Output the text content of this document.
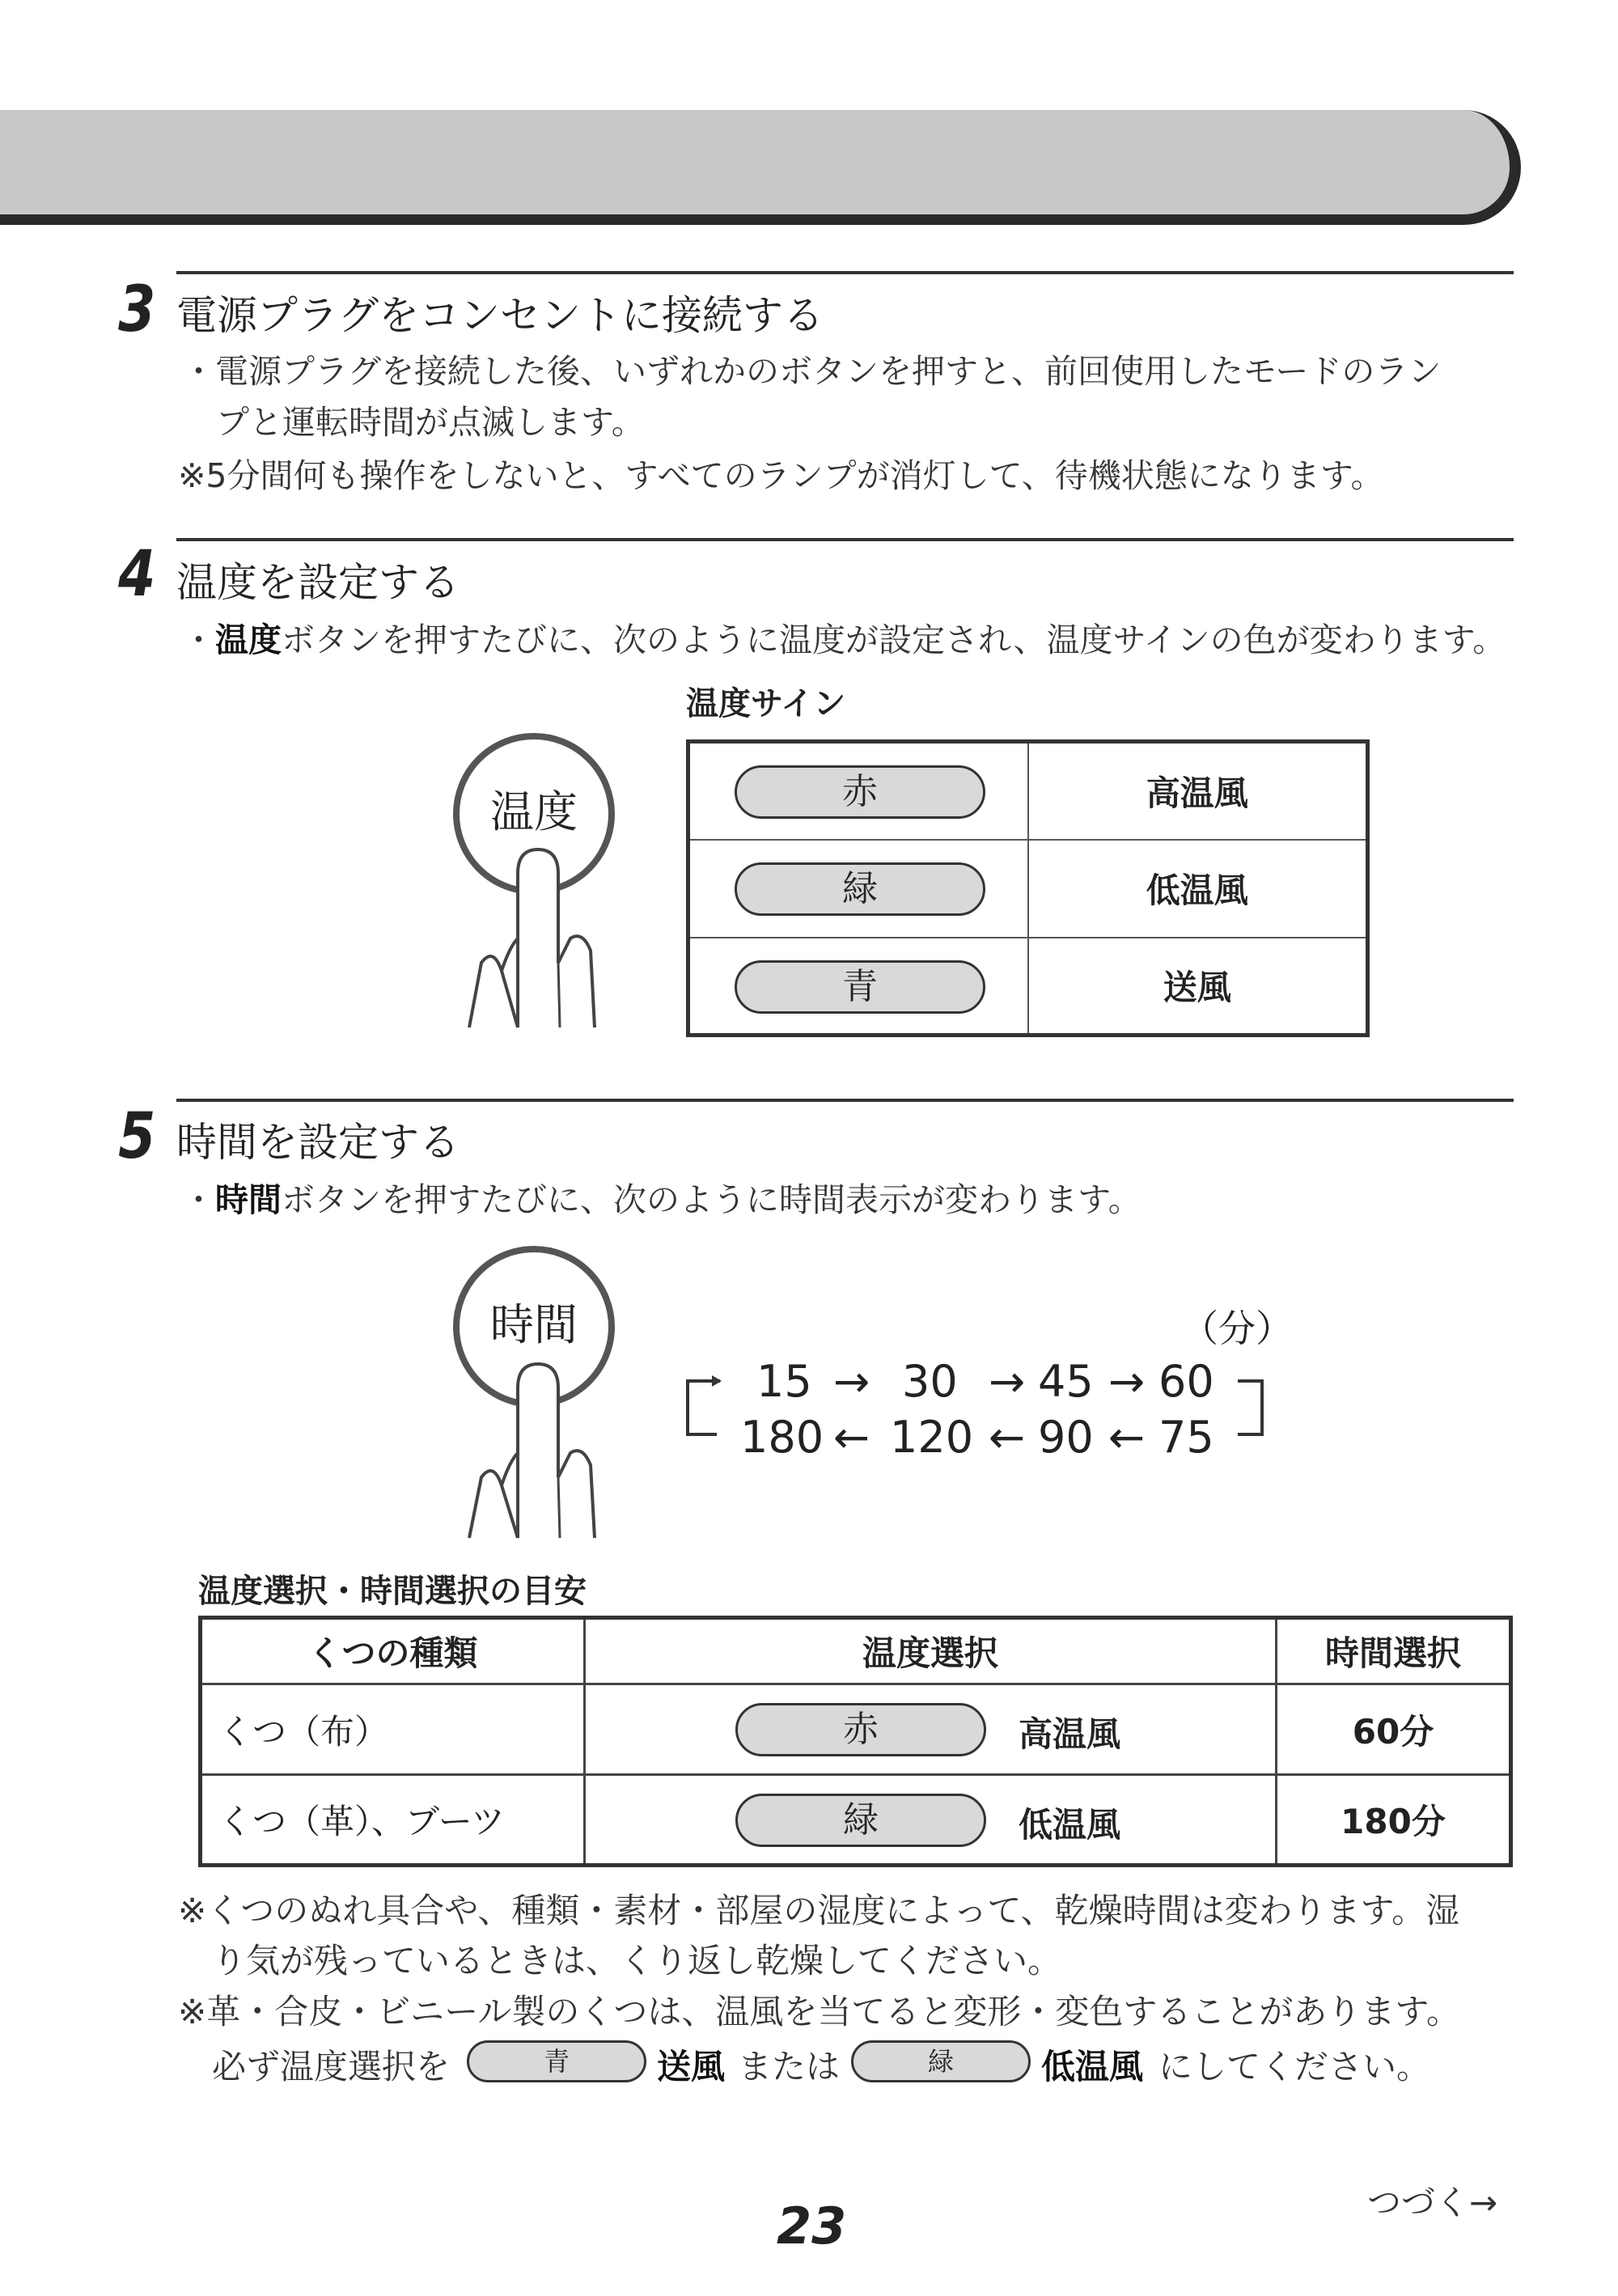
3 電源プラグをコンセントに接続する
・電源プラグを接続した後、いずれかのボタンを押すと、前回使用したモードのラン
プと運転時間が点滅します。
※5分間何も操作をしないと、すべてのランプが消灯して、待機状態になります。
4 温度を設定する
・温度ボタンを押すたびに、次のように温度が設定され、温度サインの色が変わります。
温度サイン
温度	赤	高温風

緑	低温風

青	送風
5 時間を設定する
・時間ボタンを押すたびに、次のように時間表示が変わります。
時間	（分）
15 → 30 → 45 → 60
180 ← 120 ← 90 ← 75
温度選択・時間選択の目安
くつの種類	温度選択	時間選択
くつ（布）	赤 高温風	60分
くつ（革）、ブーツ	緑 低温風	180分
※くつのぬれ具合や、種類・素材・部屋の湿度によって、乾燥時間は変わります。湿
り気が残っているときは、くり返し乾燥してください。
※革・合皮・ビニール製のくつは、温風を当てると変形・変色することがあります。
必ず温度選択を	青	送風 または	緑	低温風 にしてください。
23	つづく→
